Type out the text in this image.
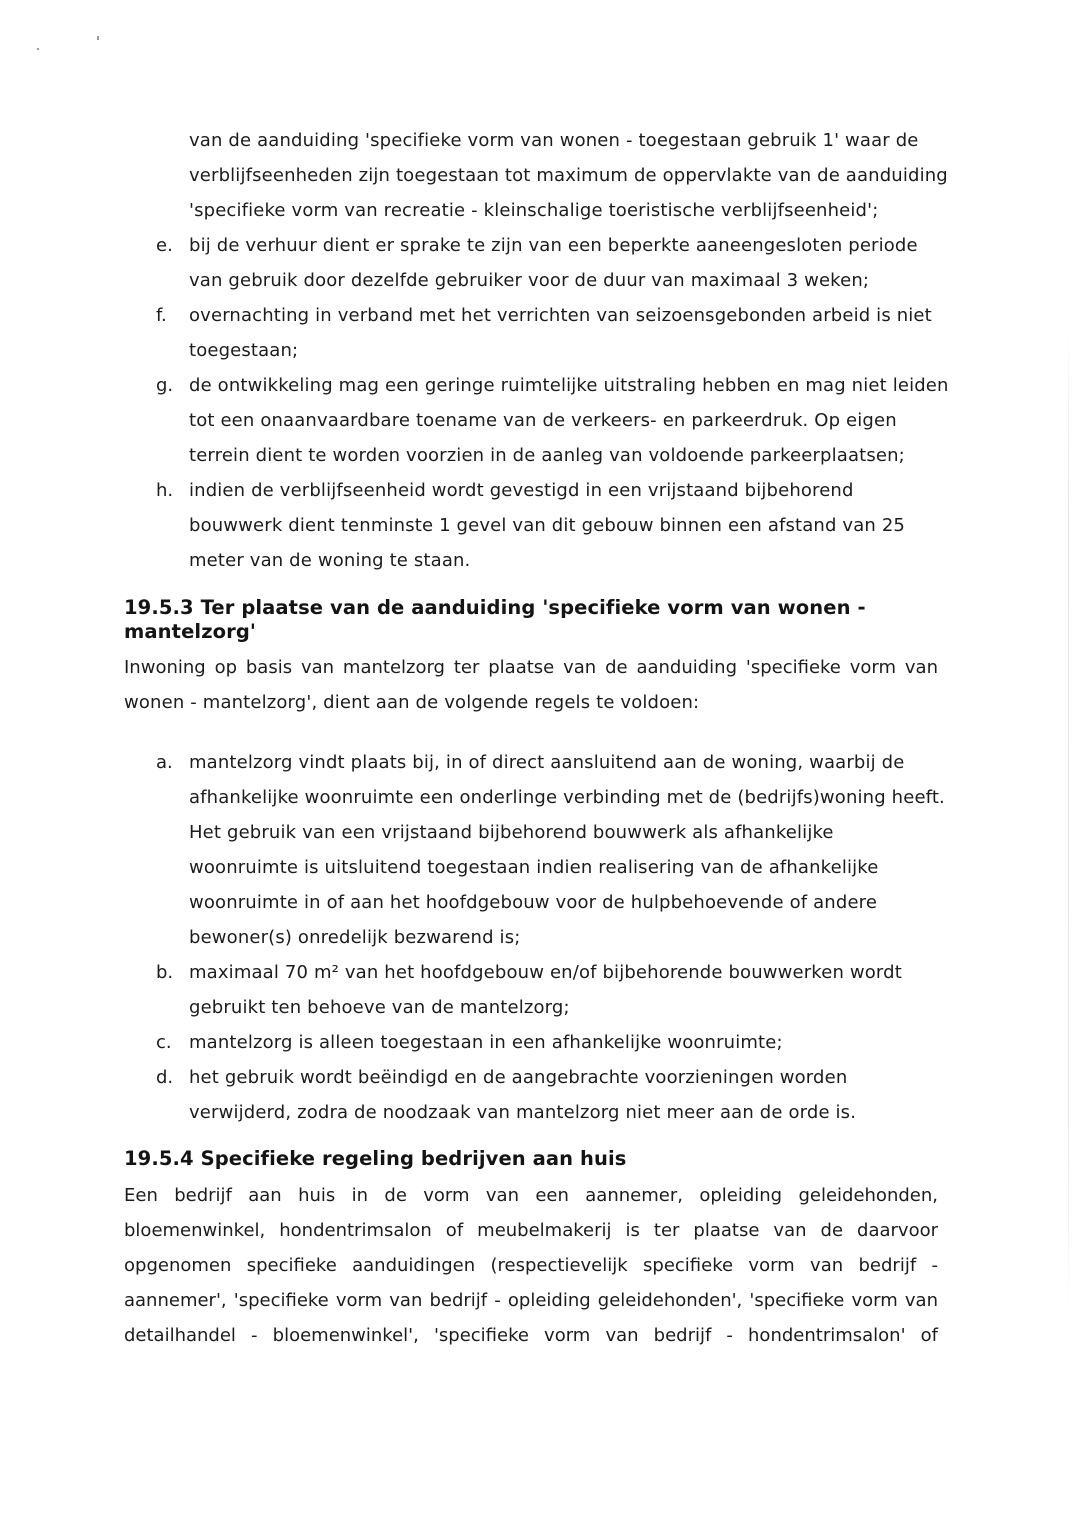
van de aanduiding 'specifieke vorm van wonen - toegestaan gebruik 1' waar de
verblijfseenheden zijn toegestaan tot maximum de oppervlakte van de aanduiding
'specifieke vorm van recreatie - kleinschalige toeristische verblijfseenheid';
e. bij de verhuur dient er sprake te zijn van een beperkte aaneengesloten periode
van gebruik door dezelfde gebruiker voor de duur van maximaal 3 weken;
f. overnachting in verband met het verrichten van seizoensgebonden arbeid is niet
toegestaan;
g. de ontwikkeling mag een geringe ruimtelijke uitstraling hebben en mag niet leiden
tot een onaanvaardbare toename van de verkeers- en parkeerdruk. Op eigen
terrein dient te worden voorzien in de aanleg van voldoende parkeerplaatsen;
h. indien de verblijfseenheid wordt gevestigd in een vrijstaand bijbehorend
bouwwerk dient tenminste 1 gevel van dit gebouw binnen een afstand van 25
meter van de woning te staan.
19.5.3 Ter plaatse van de aanduiding 'specifieke vorm van wonen -
mantelzorg'
Inwoning op basis van mantelzorg ter plaatse van de aanduiding 'specifieke vorm van
wonen - mantelzorg', dient aan de volgende regels te voldoen:
a. mantelzorg vindt plaats bij, in of direct aansluitend aan de woning, waarbij de
afhankelijke woonruimte een onderlinge verbinding met de (bedrijfs)woning heeft.
Het gebruik van een vrijstaand bijbehorend bouwwerk als afhankelijke
woonruimte is uitsluitend toegestaan indien realisering van de afhankelijke
woonruimte in of aan het hoofdgebouw voor de hulpbehoevende of andere
bewoner(s) onredelijk bezwarend is;
b. maximaal 70 m² van het hoofdgebouw en/of bijbehorende bouwwerken wordt
gebruikt ten behoeve van de mantelzorg;
c. mantelzorg is alleen toegestaan in een afhankelijke woonruimte;
d. het gebruik wordt beëindigd en de aangebrachte voorzieningen worden
verwijderd, zodra de noodzaak van mantelzorg niet meer aan de orde is.
19.5.4 Specifieke regeling bedrijven aan huis
Een bedrijf aan huis in de vorm van een aannemer, opleiding geleidehonden,
bloemenwinkel, hondentrimsalon of meubelmakerij is ter plaatse van de daarvoor
opgenomen specifieke aanduidingen (respectievelijk specifieke vorm van bedrijf -
aannemer', 'specifieke vorm van bedrijf - opleiding geleidehonden', 'specifieke vorm van
detailhandel - bloemenwinkel', 'specifieke vorm van bedrijf - hondentrimsalon' of
